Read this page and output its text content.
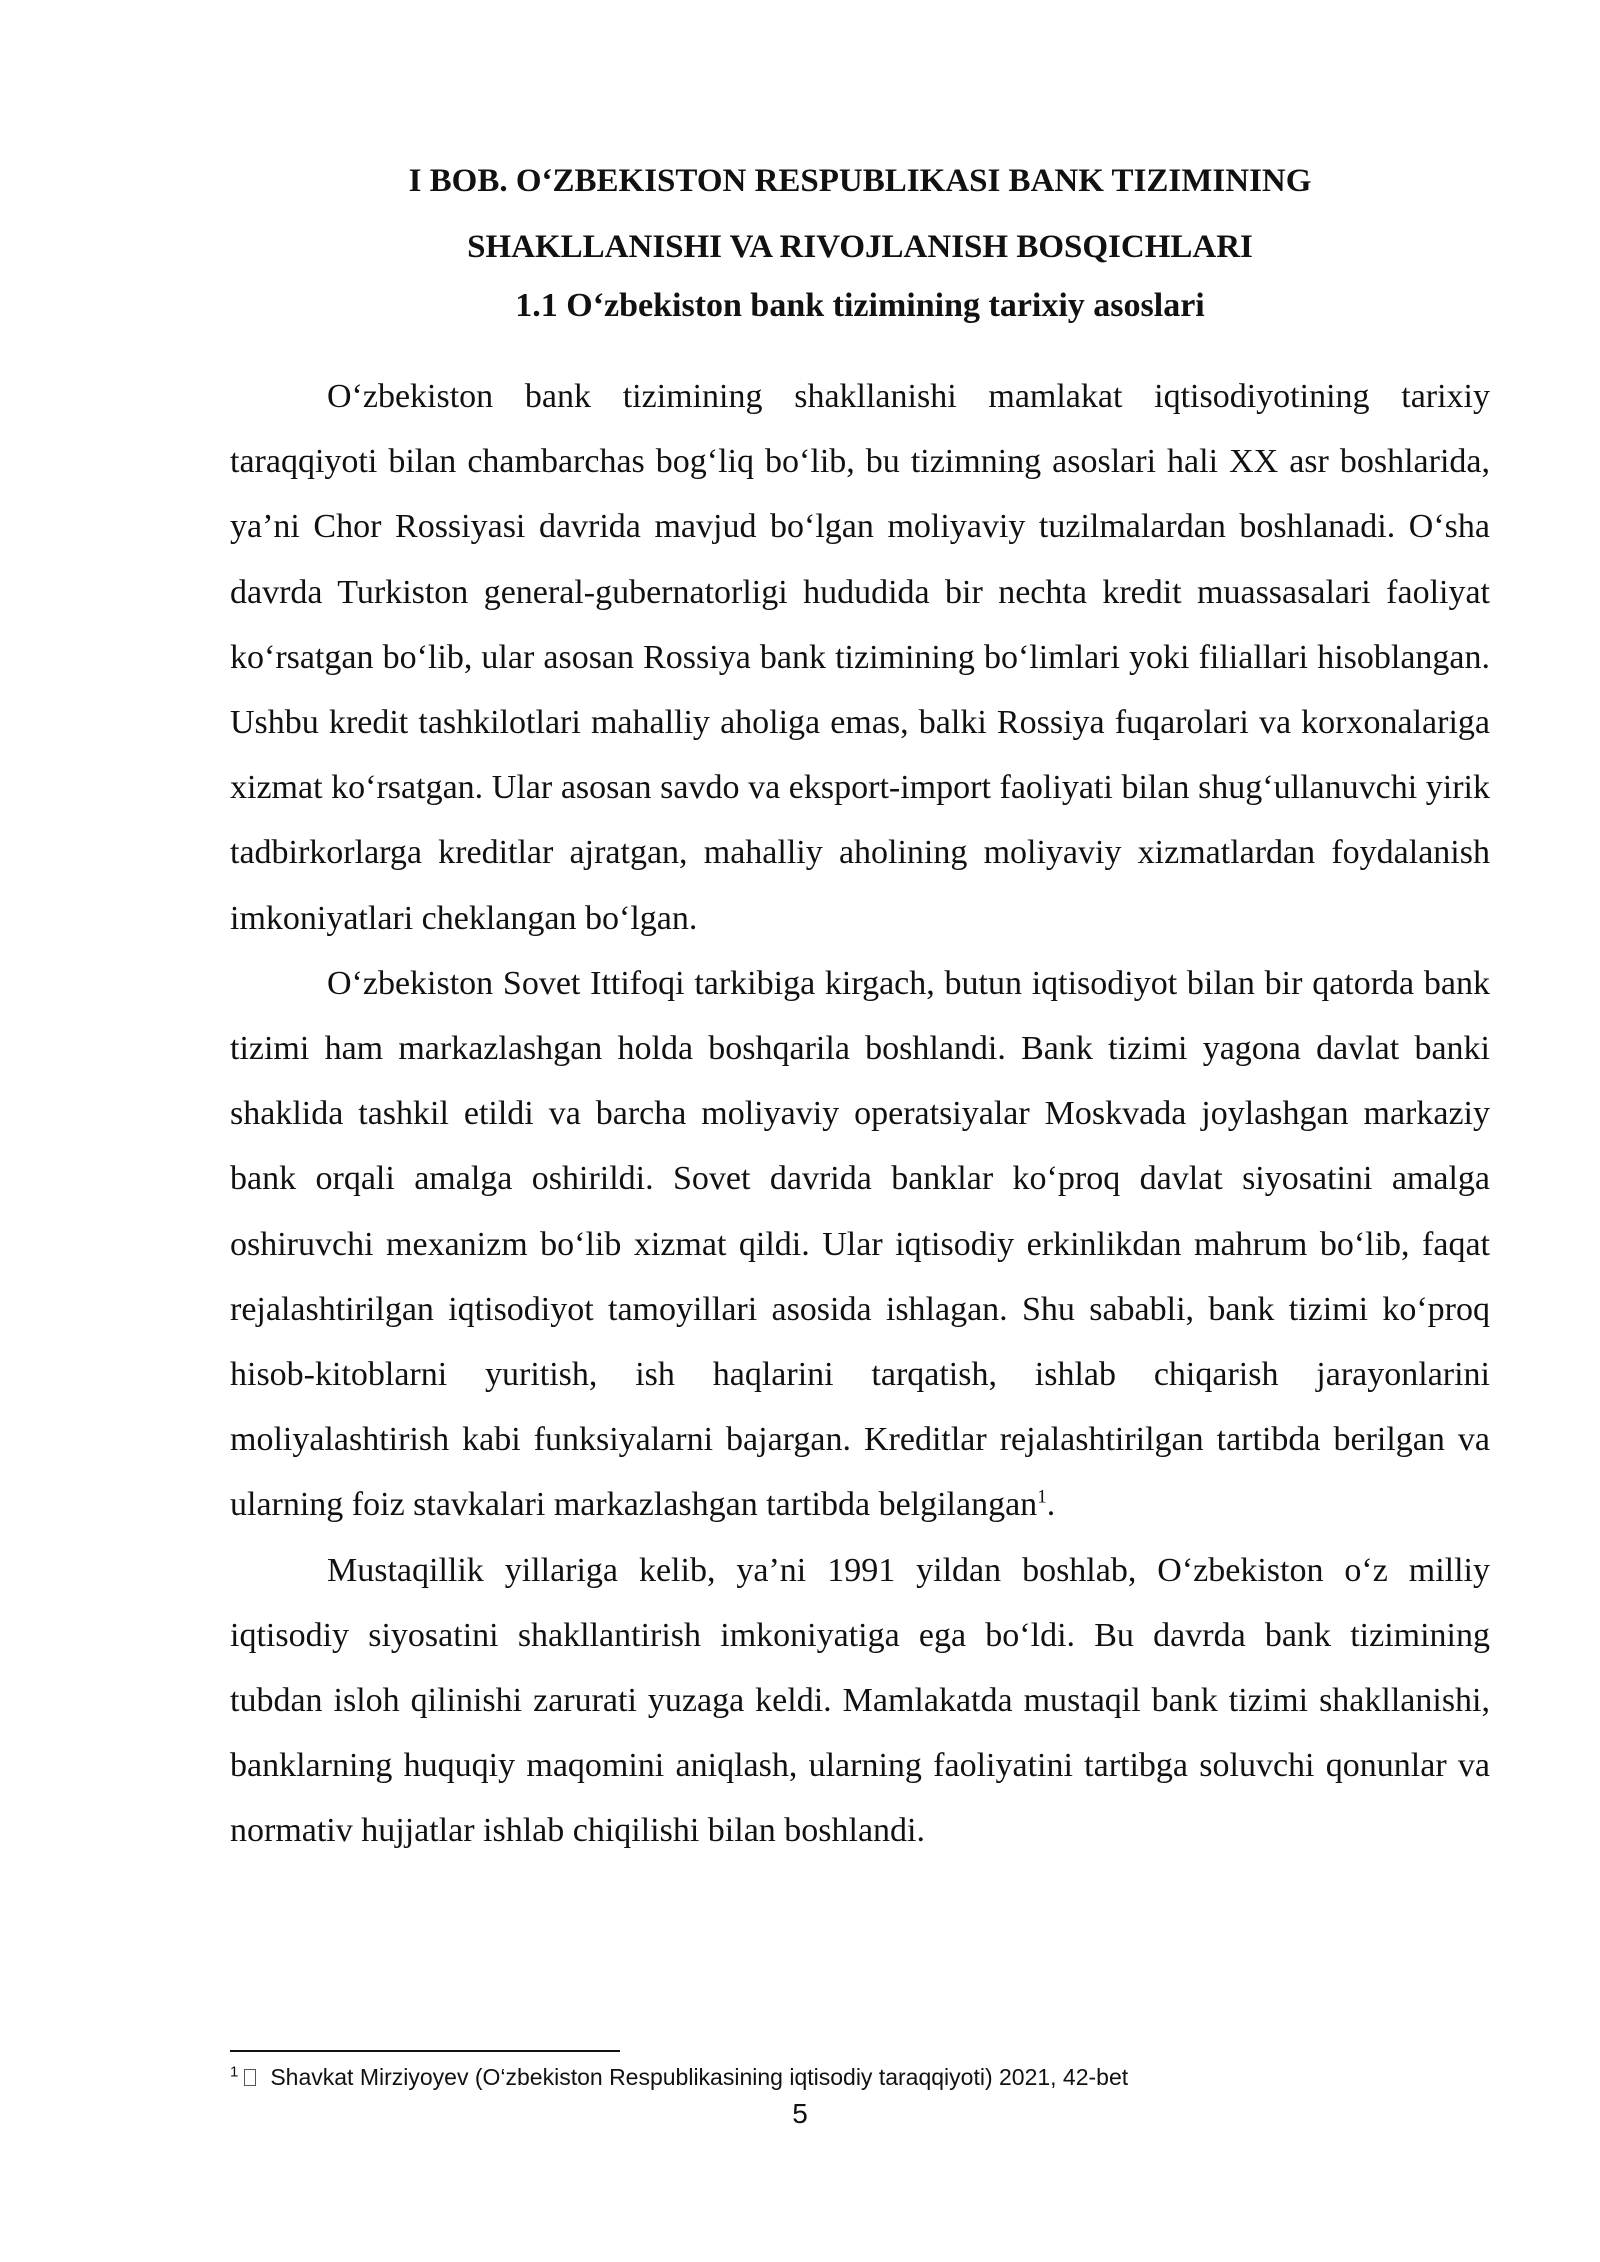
I BOB. O‘ZBEKISTON RESPUBLIKASI BANK TIZIMINING
SHAKLLANISHI VA RIVOJLANISH BOSQICHLARI
1.1 O‘zbekiston bank tizimining tarixiy asoslari

O‘zbekiston bank tizimining shakllanishi mamlakat iqtisodiyotining tarixiy taraqqiyoti bilan chambarchas bog‘liq bo‘lib, bu tizimning asoslari hali XX asr boshlarida, ya’ni Chor Rossiyasi davrida mavjud bo‘lgan moliyaviy tuzilmalardan boshlanadi. O‘sha davrda Turkiston general-gubernatorligi hududida bir nechta kredit muassasalari faoliyat ko‘rsatgan bo‘lib, ular asosan Rossiya bank tizimining bo‘limlari yoki filiallari hisoblangan. Ushbu kredit tashkilotlari mahalliy aholiga emas, balki Rossiya fuqarolari va korxonalariga xizmat ko‘rsatgan. Ular asosan savdo va eksport-import faoliyati bilan shug‘ullanuvchi yirik tadbirkorlarga kreditlar ajratgan, mahalliy aholining moliyaviy xizmatlardan foydalanish imkoniyatlari cheklangan bo‘lgan.

O‘zbekiston Sovet Ittifoqi tarkibiga kirgach, butun iqtisodiyot bilan bir qatorda bank tizimi ham markazlashgan holda boshqarila boshlandi. Bank tizimi yagona davlat banki shaklida tashkil etildi va barcha moliyaviy operatsiyalar Moskvada joylashgan markaziy bank orqali amalga oshirildi. Sovet davrida banklar ko‘proq davlat siyosatini amalga oshiruvchi mexanizm bo‘lib xizmat qildi. Ular iqtisodiy erkinlikdan mahrum bo‘lib, faqat rejalashtirilgan iqtisodiyot tamoyillari asosida ishlagan. Shu sababli, bank tizimi ko‘proq hisob-kitoblarni yuritish, ish haqlarini tarqatish, ishlab chiqarish jarayonlarini moliyalashtirish kabi funksiyalarni bajargan. Kreditlar rejalashtirilgan tartibda berilgan va ularning foiz stavkalari markazlashgan tartibda belgilangan$^1$.

Mustaqillik yillariga kelib, ya’ni 1991 yildan boshlab, O‘zbekiston o‘z milliy iqtisodiy siyosatini shakllantirish imkoniyatiga ega bo‘ldi. Bu davrda bank tizimining tubdan isloh qilinishi zarurati yuzaga keldi. Mamlakatda mustaqil bank tizimi shakllanishi, banklarning huquqiy maqomini aniqlash, ularning faoliyatini tartibga soluvchi qonunlar va normativ hujjatlar ishlab chiqilishi bilan boshlandi.

$^1$ Shavkat Mirziyoyev (O‘zbekiston Respublikasining iqtisodiy taraqqiyoti) 2021, 42-bet
5
